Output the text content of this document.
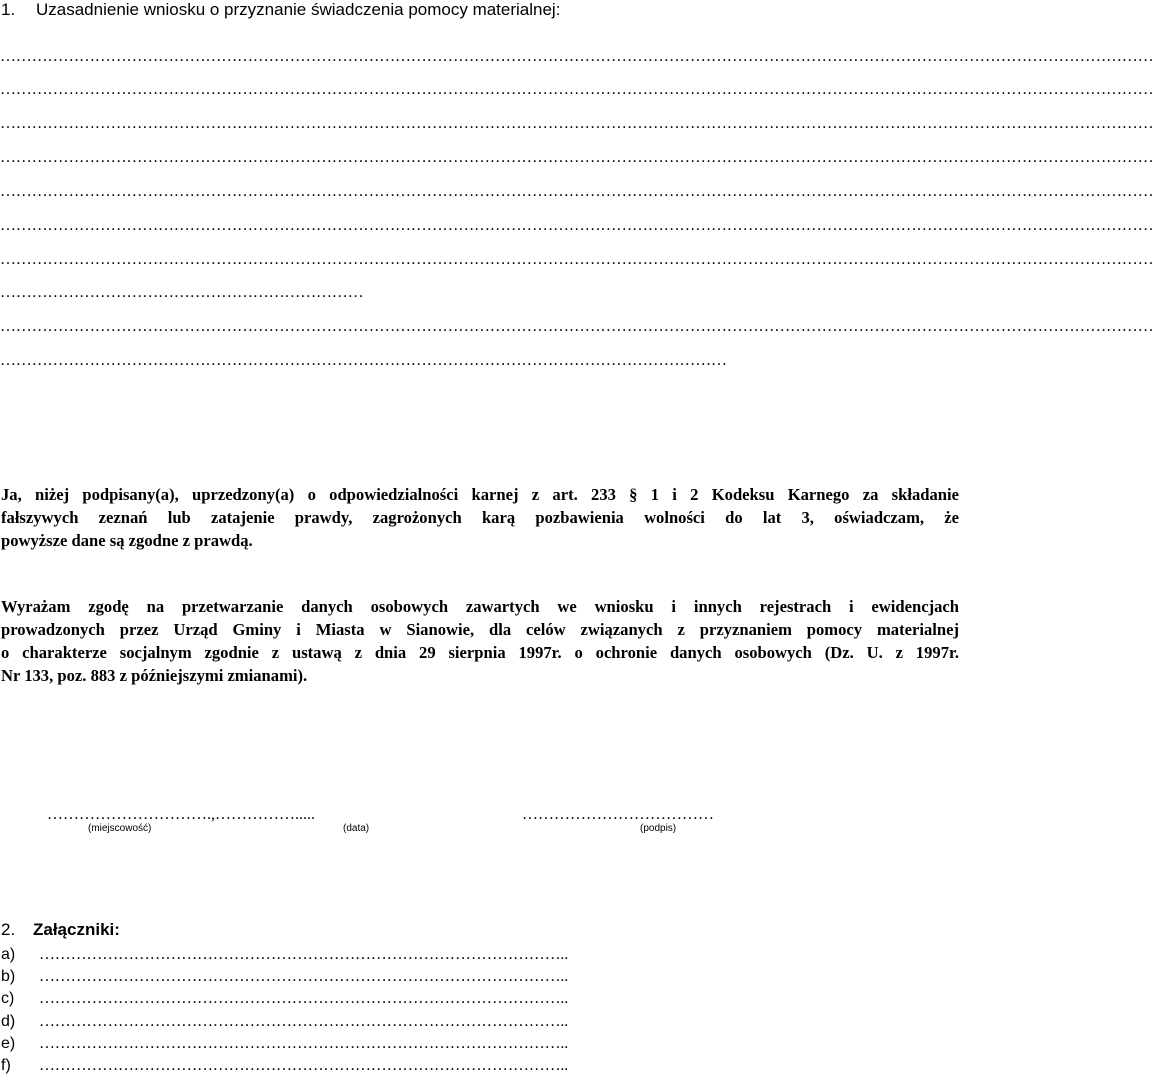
1. Uzasadnienie wniosku o przyznanie świadczenia pomocy materialnej:
…………………………………………………………………………………………………………………………………………………………………………………………………
…………………………………………………………………………………………………………………………………………………………………………………………………
…………………………………………………………………………………………………………………………………………………………………………………………………
…………………………………………………………………………………………………………………………………………………………………………………………………
…………………………………………………………………………………………………………………………………………………………………………………………………
…………………………………………………………………………………………………………………………………………………………………………………………………
…………………………………………………………………………………………………………………………………………………………………………………………………
……………………………………………………………
…………………………………………………………………………………………………………………………………………………………………………………………………
…………………………………………………………………………………………………………………………
Ja, niżej podpisany(a), uprzedzony(a) o odpowiedzialności karnej z art. 233 § 1 i 2 Kodeksu Karnego za składanie
fałszywych zeznań lub zatajenie prawdy, zagrożonych karą pozbawienia wolności do lat 3, oświadczam, że
powyższe dane są zgodne z prawdą.
Wyrażam zgodę na przetwarzanie danych osobowych zawartych we wniosku i innych rejestrach i ewidencjach
prowadzonych przez Urząd Gminy i Miasta w Sianowie, dla celów związanych z przyznaniem pomocy materialnej
o charakterze socjalnym zgodnie z ustawą z dnia 29 sierpnia 1997r. o ochronie danych osobowych (Dz. U. z 1997r.
Nr 133, poz. 883 z późniejszymi zmianami).
………………………….,…………….....	………………………………
(miejscowość)	(data)	(podpis)
2. Załączniki:
a) ………………………………………………………………………………………..
b) ………………………………………………………………………………………..
c) ………………………………………………………………………………………..
d) ………………………………………………………………………………………..
e) ………………………………………………………………………………………..
f) ………………………………………………………………………………………..
